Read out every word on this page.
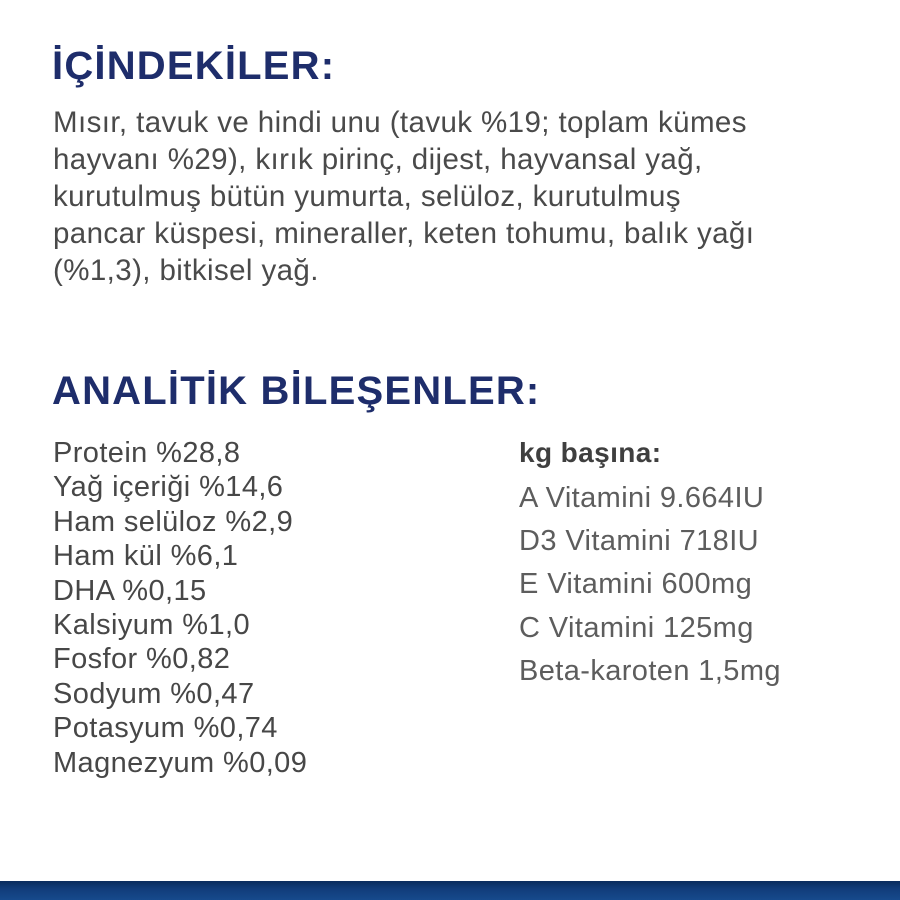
İÇİNDEKİLER:
Mısır, tavuk ve hindi unu (tavuk %19; toplam kümes
hayvanı %29), kırık pirinç, dijest, hayvansal yağ,
kurutulmuş bütün yumurta, selüloz, kurutulmuş
pancar küspesi, mineraller, keten tohumu, balık yağı
(%1,3), bitkisel yağ.
ANALİTİK BİLEŞENLER:
Protein %28,8
Yağ içeriği %14,6
Ham selüloz %2,9
Ham kül %6,1
DHA %0,15
Kalsiyum %1,0
Fosfor %0,82
Sodyum %0,47
Potasyum %0,74
Magnezyum %0,09
kg başına:
A Vitamini 9.664IU
D3 Vitamini 718IU
E Vitamini 600mg
C Vitamini 125mg
Beta-karoten 1,5mg
